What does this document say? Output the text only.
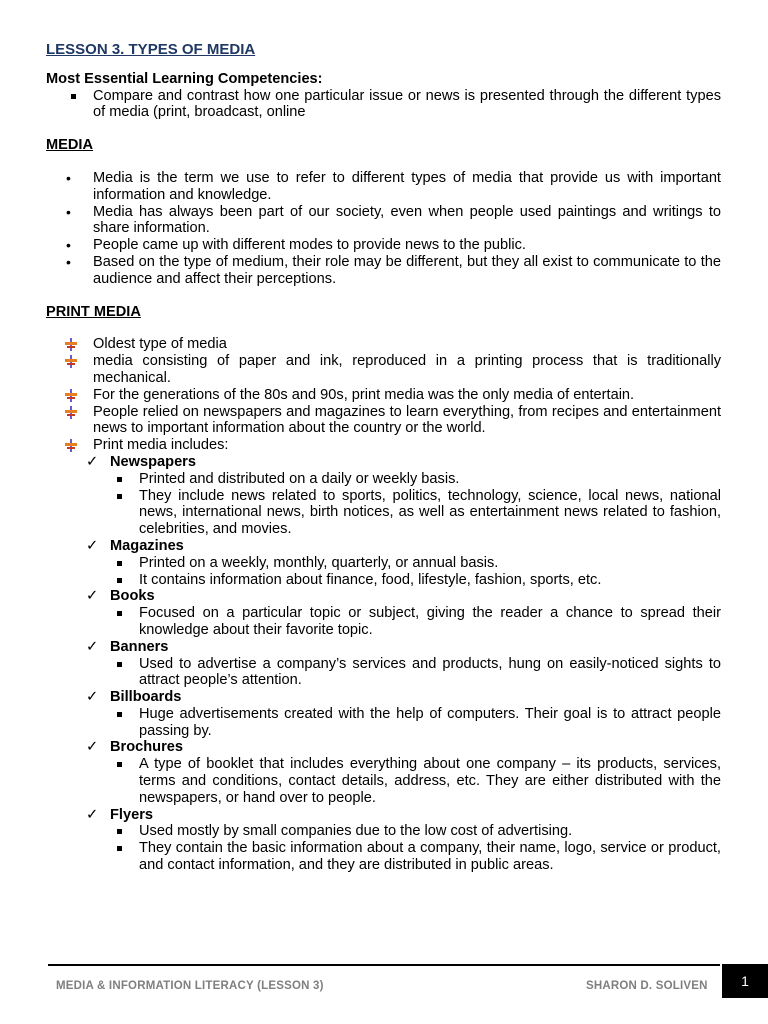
LESSON 3. TYPES OF MEDIA

Most Essential Learning Competencies:

Compare and contrast how one particular issue or news is presented through the different types of media (print, broadcast, online

MEDIA

• Media is the term we use to refer to different types of media that provide us with important information and knowledge.
• Media has always been part of our society, even when people used paintings and writings to share information.
• People came up with different modes to provide news to the public.
• Based on the type of medium, their role may be different, but they all exist to communicate to the audience and affect their perceptions.

PRINT MEDIA

Oldest type of media
media consisting of paper and ink, reproduced in a printing process that is traditionally mechanical.
For the generations of the 80s and 90s, print media was the only media of entertain.
People relied on newspapers and magazines to learn everything, from recipes and entertainment news to important information about the country or the world.
Print media includes:
✓ Newspapers
Printed and distributed on a daily or weekly basis.
They include news related to sports, politics, technology, science, local news, national news, international news, birth notices, as well as entertainment news related to fashion, celebrities, and movies.
✓ Magazines
Printed on a weekly, monthly, quarterly, or annual basis.
It contains information about finance, food, lifestyle, fashion, sports, etc.
✓ Books
Focused on a particular topic or subject, giving the reader a chance to spread their knowledge about their favorite topic.
✓ Banners
Used to advertise a company’s services and products, hung on easily-noticed sights to attract people’s attention.
✓ Billboards
Huge advertisements created with the help of computers. Their goal is to attract people passing by.
✓ Brochures
A type of booklet that includes everything about one company – its products, services, terms and conditions, contact details, address, etc. They are either distributed with the newspapers, or hand over to people.
✓ Flyers
Used mostly by small companies due to the low cost of advertising.
They contain the basic information about a company, their name, logo, service or product, and contact information, and they are distributed in public areas.
MEDIA & INFORMATION LITERACY (LESSON 3)	SHARON D. SOLIVEN	1
